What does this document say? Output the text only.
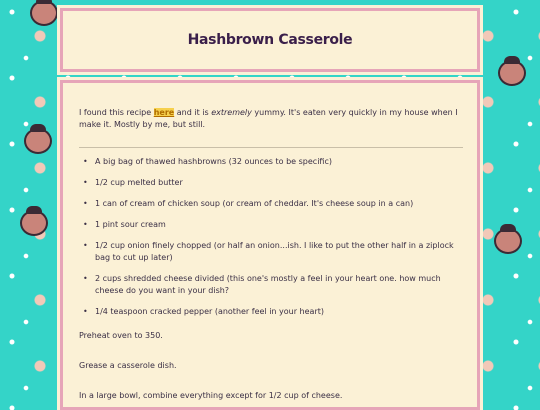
Hashbrown Casserole

I found this recipe here and it is extremely yummy. It's eaten very quickly in my house when I make it. Mostly by me, but still.

• A big bag of thawed hashbrowns (32 ounces to be specific)
• 1/2 cup melted butter
• 1 can of cream of chicken soup (or cream of cheddar. It's cheese soup in a can)
• 1 pint sour cream
• 1/2 cup onion finely chopped (or half an onion...ish. I like to put the other half in a ziplock bag to cut up later)
• 2 cups shredded cheese divided (this one's mostly a feel in your heart one. how much cheese do you want in your dish?
• 1/4 teaspoon cracked pepper (another feel in your heart)

Preheat oven to 350.

Grease a casserole dish.

In a large bowl, combine everything except for 1/2 cup of cheese.
